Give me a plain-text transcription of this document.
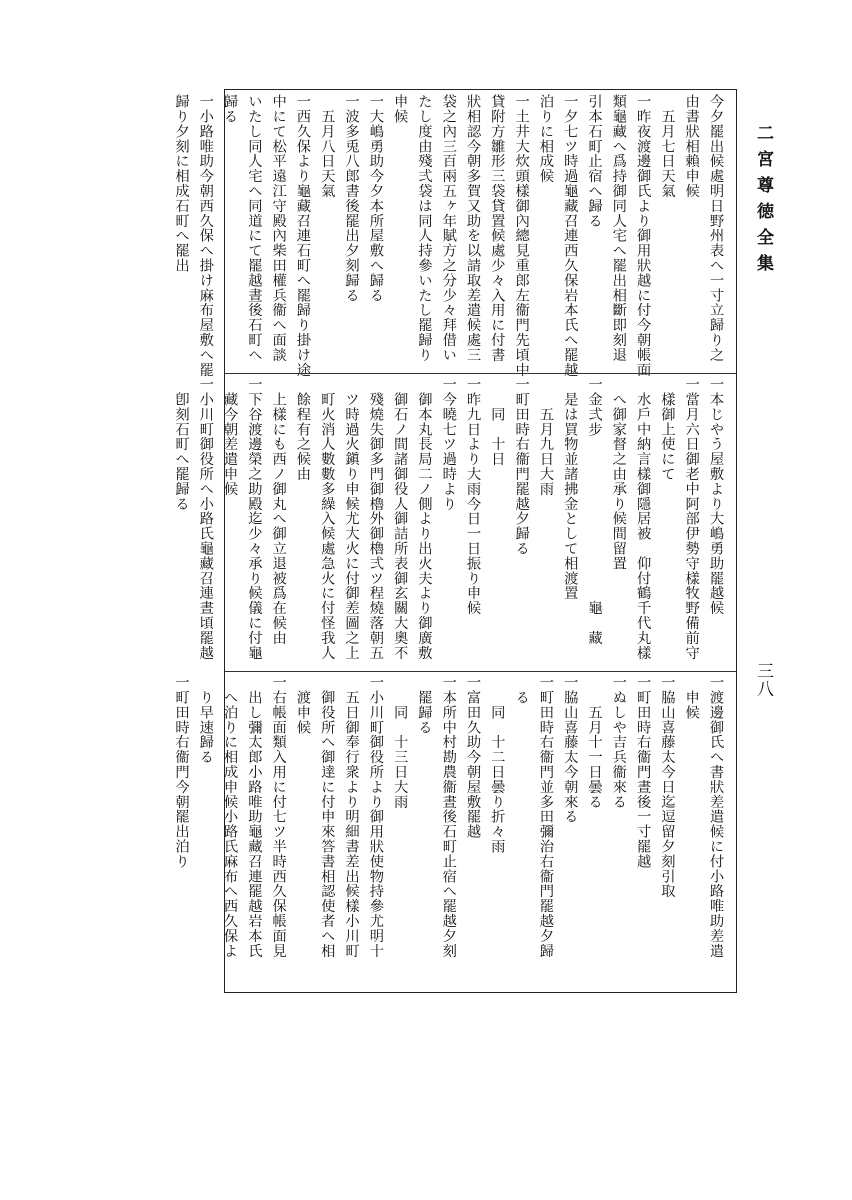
二宮尊徳全集
三八
今夕罷出候處明日野州表へ一寸立歸り之
由書狀相賴申候
　五月七日天氣
一昨夜渡邊御氏より御用狀越に付今朝帳面
類龜藏へ爲持御同人宅へ罷出相斷即刻退
引本石町止宿へ歸る
一夕七ツ時過龜藏召連西久保岩本氏へ罷越
泊りに相成候
一土井大炊頭樣御內總見重郎左衞門先頃中
貸附方雛形三袋貸置候處少々入用に付書
狀相認今朝多賀又助を以請取差遣候處三
袋之內三百兩五ヶ年賦方之分少々拜借い
たし度由殘弍袋は同人持參いたし罷歸り
申候
一大嶋勇助今夕本所屋敷へ歸る
一波多兎八郎書後罷出夕刻歸る
　五月八日天氣
一西久保より龜藏召連石町へ罷歸り掛け途
中にて松平遠江守殿內柴田權兵衞へ面談
いたし同人宅へ同道にて罷越晝後石町へ
歸る
一小路唯助今朝西久保へ掛け麻布屋敷へ罷
歸り夕刻に相成石町へ罷出
一本じやう屋敷より大嶋勇助罷越候
一當月六日御老中阿部伊勢守樣牧野備前守
　樣御上使にて
　水戶中納言樣御隱居被　仰付鶴千代丸樣
　へ御家督之由承り候間留置
一金弍步　　　　　　　　　　　龜　藏
　是は買物並諸拂金として相渡置
　　五月九日大雨
一町田時右衞門罷越夕歸る
　　同　十日
一昨九日より大雨今日一日振り申候
一今曉七ツ過時より
　御本丸長局二ノ側より出火夫より御廣敷
　御石ノ間諸御役人御詰所表御玄關大奧不
　殘燒失御多門御櫓外御櫓弍ツ程燒落朝五
　ツ時過火鎭り申候尤大火に付御差圖之上
　町火消人數數多繰入候處急火に付怪我人
　餘程有之候由
　上樣にも西ノ御丸へ御立退被爲在候由
一下谷渡邊榮之助殿迄少々承り候儀に付龜
　藏今朝差遣申候
一小川町御役所へ小路氏龜藏召連晝頃罷越
　卽刻石町へ罷歸る
一渡邊御氏へ書狀差遣候に付小路唯助差遣
　申候
一脇山喜藤太今日迄逗留夕刻引取
一町田時右衞門晝後一寸罷越
一ぬしや吉兵衞來る
　　五月十一日曇る
一脇山喜藤太今朝來る
一町田時右衞門並多田彌治右衞門罷越夕歸
　る
　　同　十二日曇り折々雨
一富田久助今朝屋敷罷越
一本所中村勘農衞晝後石町止宿へ罷越夕刻
　罷歸る
　　同　十三日大雨
一小川町御役所より御用狀使物持參尤明十
　五日御奉行衆より明細書差出候樣小川町
　御役所へ御達に付申來答書相認使者へ相
　渡申候
一右帳面類入用に付七ツ半時西久保帳面見
　出し彌太郎小路唯助龜藏召連罷越岩本氏
　へ泊りに相成申候小路氏麻布へ西久保よ
　り早速歸る
一町田時右衞門今朝罷出泊り
